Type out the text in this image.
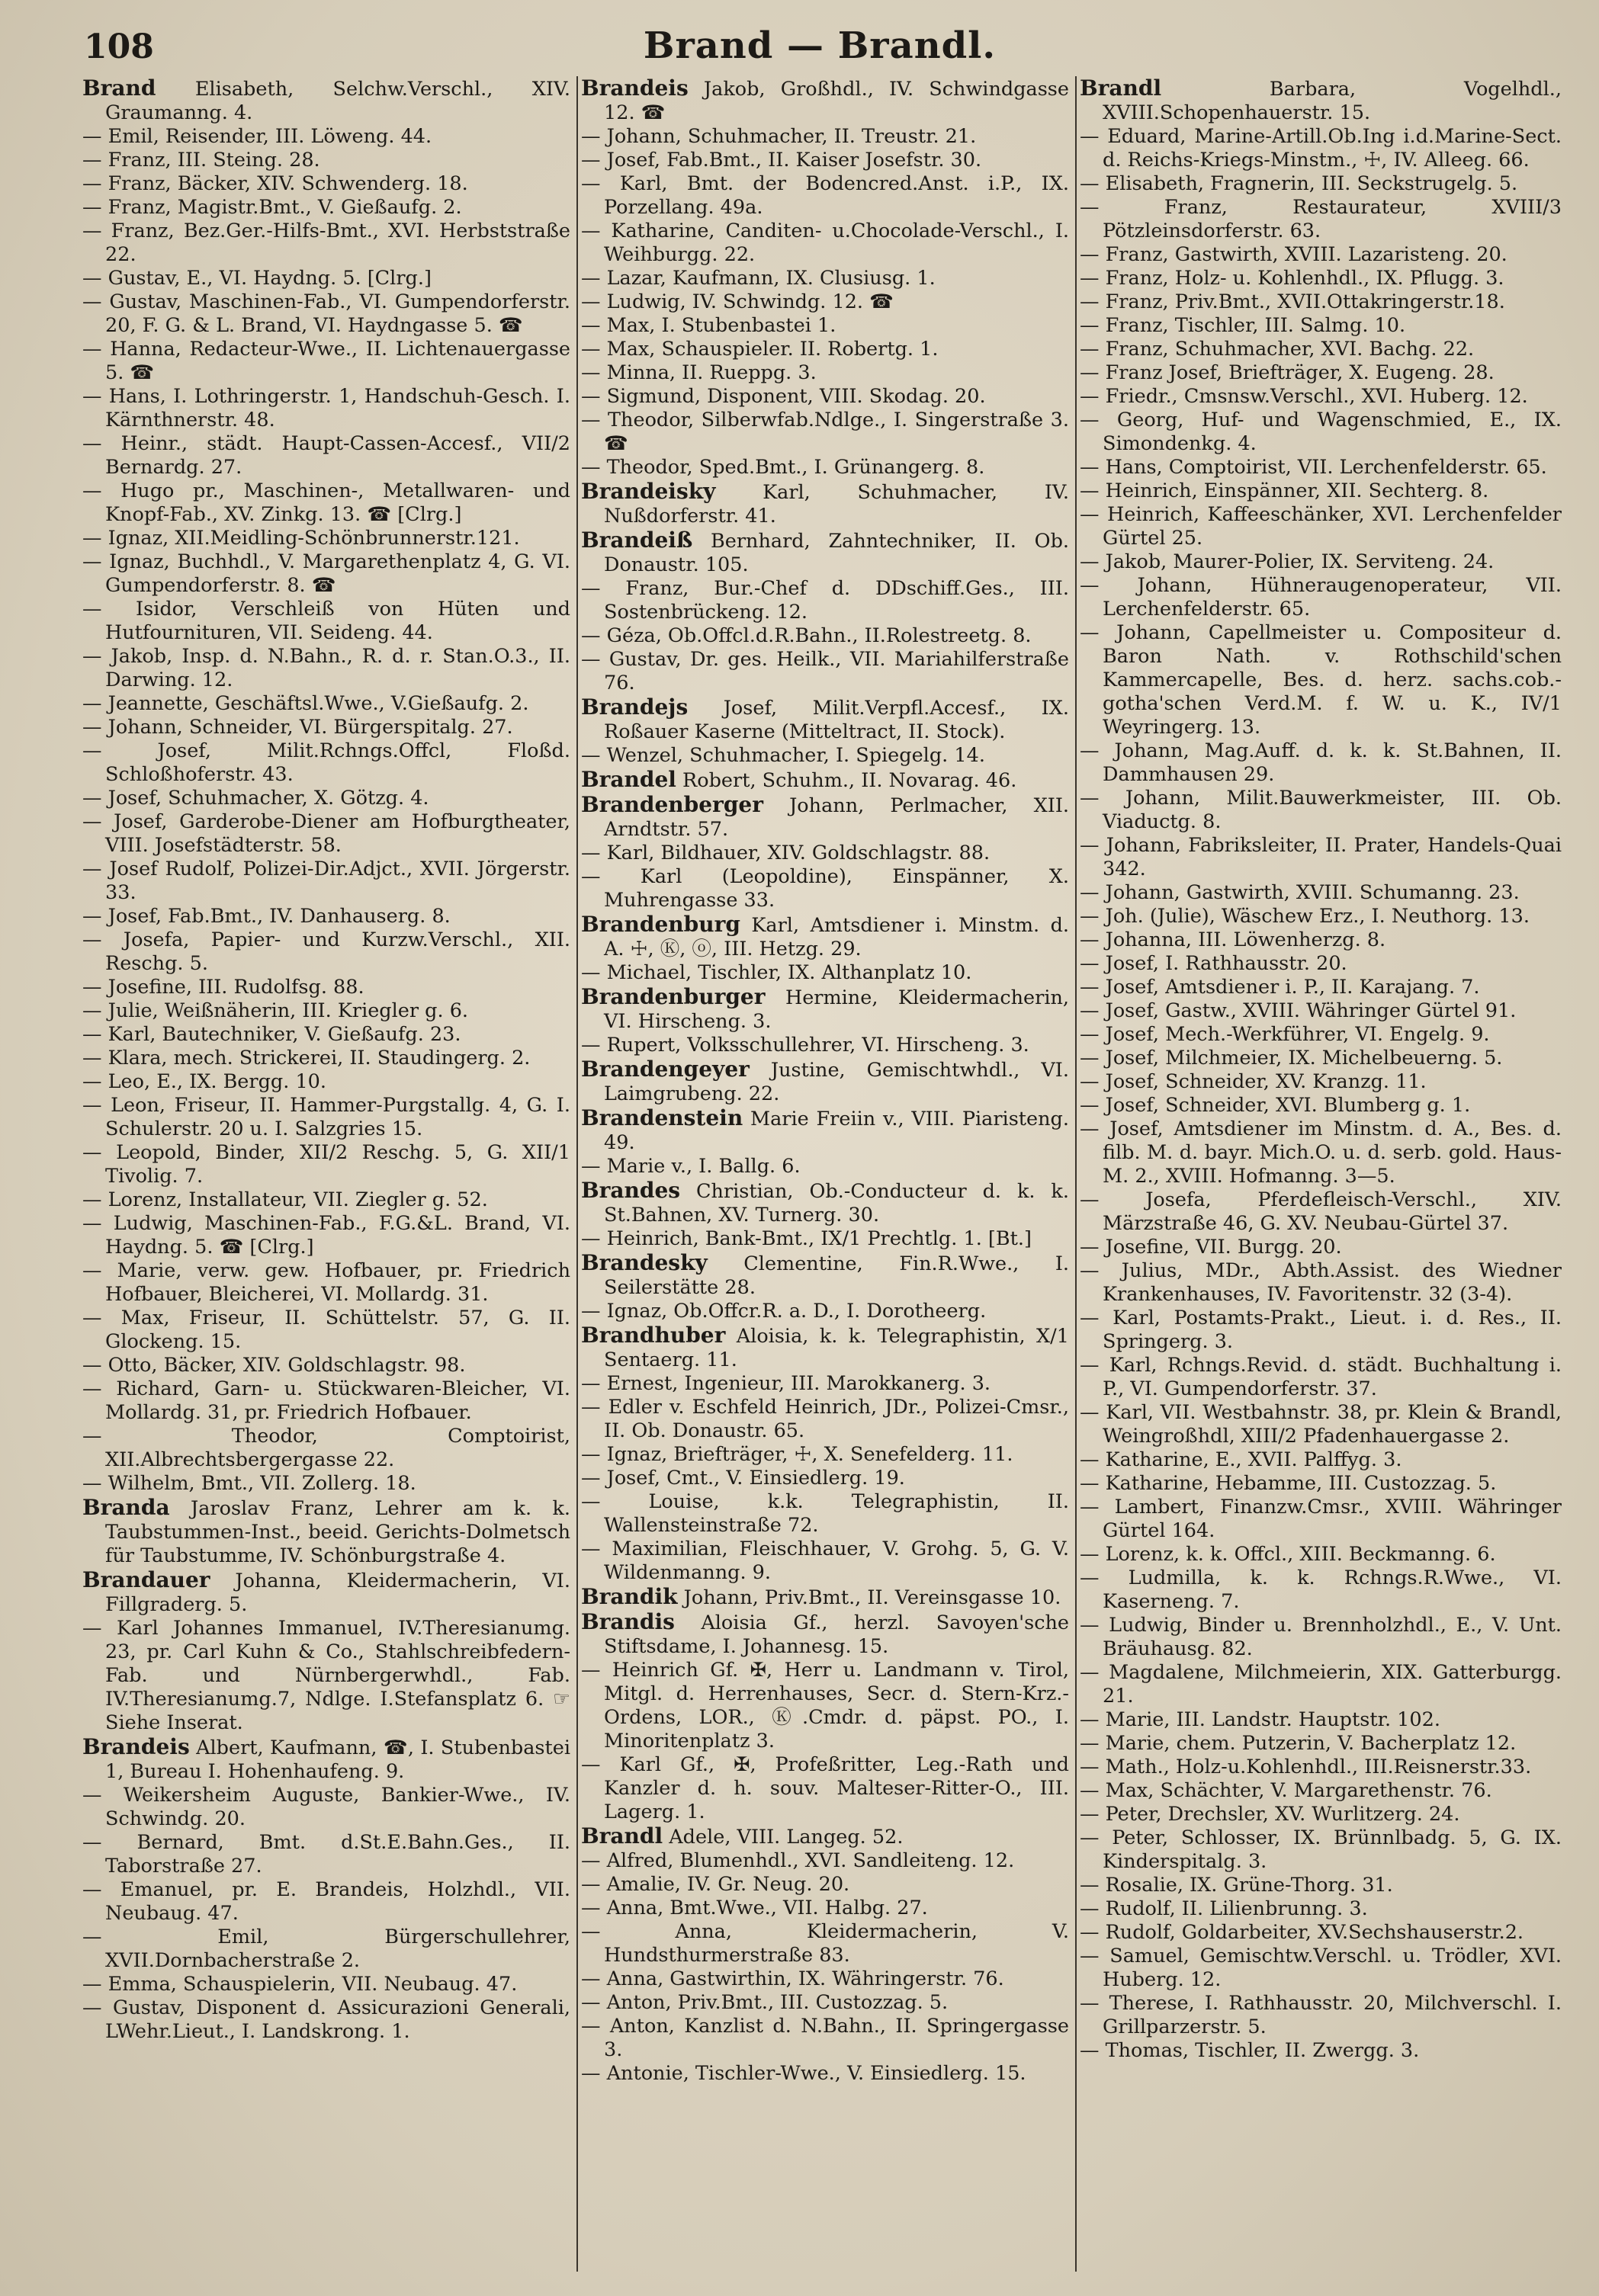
108	Brand — Brandl.

Brand Elisabeth, Selchw.Verschl., XIV. Graumanng. 4.

— Emil, Reisender, III. Löweng. 44.

— Franz, III. Steing. 28.

— Franz, Bäcker, XIV. Schwenderg. 18.

— Franz, Magistr.Bmt., V. Gießaufg. 2.

— Franz, Bez.Ger.-Hilfs-Bmt., XVI. Herbststraße 22.

— Gustav, E., VI. Haydng. 5. [Clrg.]

— Gustav, Maschinen-Fab., VI. Gumpendorferstr. 20, F. G. & L. Brand, VI. Haydngasse 5. ☎

— Hanna, Redacteur-Wwe., II. Lichtenauergasse 5. ☎

— Hans, I. Lothringerstr. 1, Handschuh-Gesch. I. Kärnthnerstr. 48.

— Heinr., städt. Haupt-Cassen-Accesf., VII/2 Bernardg. 27.

— Hugo pr., Maschinen-, Metallwaren- und Knopf-Fab., XV. Zinkg. 13. ☎ [Clrg.]

— Ignaz, XII.Meidling-Schönbrunnerstr.121.

— Ignaz, Buchhdl., V. Margarethenplatz 4, G. VI. Gumpendorferstr. 8. ☎

— Isidor, Verschleiß von Hüten und Hutfournituren, VII. Seideng. 44.

— Jakob, Insp. d. N.Bahn., R. d. r. Stan.O.3., II. Darwing. 12.

— Jeannette, Geschäftsl.Wwe., V.Gießaufg. 2.

— Johann, Schneider, VI. Bürgerspitalg. 27.

— Josef, Milit.Rchngs.Offcl, Floßd. Schloßhoferstr. 43.

— Josef, Schuhmacher, X. Götzg. 4.

— Josef, Garderobe-Diener am Hofburgtheater, VIII. Josefstädterstr. 58.

— Josef Rudolf, Polizei-Dir.Adjct., XVII. Jörgerstr. 33.

— Josef, Fab.Bmt., IV. Danhauserg. 8.

— Josefa, Papier- und Kurzw.Verschl., XII. Reschg. 5.

— Josefine, III. Rudolfsg. 88.

— Julie, Weißnäherin, III. Kriegler g. 6.

— Karl, Bautechniker, V. Gießaufg. 23.

— Klara, mech. Strickerei, II. Staudingerg. 2.

— Leo, E., IX. Bergg. 10.

— Leon, Friseur, II. Hammer-Purgstallg. 4, G. I. Schulerstr. 20 u. I. Salzgries 15.

— Leopold, Binder, XII/2 Reschg. 5, G. XII/1 Tivolig. 7.

— Lorenz, Installateur, VII. Ziegler g. 52.

— Ludwig, Maschinen-Fab., F.G.&L. Brand, VI. Haydng. 5. ☎ [Clrg.]

— Marie, verw. gew. Hofbauer, pr. Friedrich Hofbauer, Bleicherei, VI. Mollardg. 31.

— Max, Friseur, II. Schüttelstr. 57, G. II. Glockeng. 15.

— Otto, Bäcker, XIV. Goldschlagstr. 98.

— Richard, Garn- u. Stückwaren-Bleicher, VI. Mollardg. 31, pr. Friedrich Hofbauer.

— Theodor, Comptoirist, XII.Albrechtsbergergasse 22.

— Wilhelm, Bmt., VII. Zollerg. 18.

Branda Jaroslav Franz, Lehrer am k. k. Taubstummen-Inst., beeid. Gerichts-Dolmetsch für Taubstumme, IV. Schönburgstraße 4.

Brandauer Johanna, Kleidermacherin, VI. Fillgraderg. 5.

— Karl Johannes Immanuel, IV.Theresianumg. 23, pr. Carl Kuhn & Co., Stahlschreibfedern-Fab. und Nürnbergerwhdl., Fab. IV.Theresianumg.7, Ndlge. I.Stefansplatz 6. ☞ Siehe Inserat.

Brandeis Albert, Kaufmann, ☎, I. Stubenbastei 1, Bureau I. Hohenhaufeng. 9.

— Weikersheim Auguste, Bankier-Wwe., IV. Schwindg. 20.

— Bernard, Bmt. d.St.E.Bahn.Ges., II. Taborstraße 27.

— Emanuel, pr. E. Brandeis, Holzhdl., VII. Neubaug. 47.

— Emil, Bürgerschullehrer, XVII.Dornbacherstraße 2.

— Emma, Schauspielerin, VII. Neubaug. 47.

— Gustav, Disponent d. Assicurazioni Generali, LWehr.Lieut., I. Landskrong. 1.

Brandeis Jakob, Großhdl., IV. Schwindgasse 12. ☎

— Johann, Schuhmacher, II. Treustr. 21.

— Josef, Fab.Bmt., II. Kaiser Josefstr. 30.

— Karl, Bmt. der Bodencred.Anst. i.P., IX. Porzellang. 49a.

— Katharine, Canditen- u.Chocolade-Verschl., I. Weihburgg. 22.

— Lazar, Kaufmann, IX. Clusiusg. 1.

— Ludwig, IV. Schwindg. 12. ☎

— Max, I. Stubenbastei 1.

— Max, Schauspieler. II. Robertg. 1.

— Minna, II. Rueppg. 3.

— Sigmund, Disponent, VIII. Skodag. 20.

— Theodor, Silberwfab.Ndlge., I. Singerstraße 3. ☎

— Theodor, Sped.Bmt., I. Grünangerg. 8.

Brandeisky Karl, Schuhmacher, IV. Nußdorferstr. 41.

Brandeiß Bernhard, Zahntechniker, II. Ob. Donaustr. 105.

— Franz, Bur.-Chef d. DDschiff.Ges., III. Sostenbrückeng. 12.

— Géza, Ob.Offcl.d.R.Bahn., II.Rolestreetg. 8.

— Gustav, Dr. ges. Heilk., VII. Mariahilferstraße 76.

Brandejs Josef, Milit.Verpfl.Accesf., IX. Roßauer Kaserne (Mitteltract, II. Stock).

— Wenzel, Schuhmacher, I. Spiegelg. 14.

Brandel Robert, Schuhm., II. Novarag. 46.

Brandenberger Johann, Perlmacher, XII. Arndtstr. 57.

— Karl, Bildhauer, XIV. Goldschlagstr. 88.

— Karl (Leopoldine), Einspänner, X. Muhrengasse 33.

Brandenburg Karl, Amtsdiener i. Minstm. d. A. ☩, Ⓚ, ⓞ, III. Hetzg. 29.

— Michael, Tischler, IX. Althanplatz 10.

Brandenburger Hermine, Kleidermacherin, VI. Hirscheng. 3.

— Rupert, Volksschullehrer, VI. Hirscheng. 3.

Brandengeyer Justine, Gemischtwhdl., VI. Laimgrubeng. 22.

Brandenstein Marie Freiin v., VIII. Piaristeng. 49.

— Marie v., I. Ballg. 6.

Brandes Christian, Ob.-Conducteur d. k. k. St.Bahnen, XV. Turnerg. 30.

— Heinrich, Bank-Bmt., IX/1 Prechtlg. 1. [Bt.]

Brandesky Clementine, Fin.R.Wwe., I. Seilerstätte 28.

— Ignaz, Ob.Offcr.R. a. D., I. Dorotheerg.

Brandhuber Aloisia, k. k. Telegraphistin, X/1 Sentaerg. 11.

— Ernest, Ingenieur, III. Marokkanerg. 3.

— Edler v. Eschfeld Heinrich, JDr., Polizei-Cmsr., II. Ob. Donaustr. 65.

— Ignaz, Briefträger, ☩, X. Senefelderg. 11.

— Josef, Cmt., V. Einsiedlerg. 19.

— Louise, k.k. Telegraphistin, II. Wallensteinstraße 72.

— Maximilian, Fleischhauer, V. Grohg. 5, G. V. Wildenmanng. 9.

Brandik Johann, Priv.Bmt., II. Vereinsgasse 10.

Brandis Aloisia Gf., herzl. Savoyen'sche Stiftsdame, I. Johannesg. 15.

— Heinrich Gf. ✠, Herr u. Landmann v. Tirol, Mitgl. d. Herrenhauses, Secr. d. Stern-Krz.-Ordens, LOR., Ⓚ.Cmdr. d. päpst. PO., I. Minoritenplatz 3.

— Karl Gf., ✠, Profeßritter, Leg.-Rath und Kanzler d. h. souv. Malteser-Ritter-O., III. Lagerg. 1.

Brandl Adele, VIII. Langeg. 52.

— Alfred, Blumenhdl., XVI. Sandleiteng. 12.

— Amalie, IV. Gr. Neug. 20.

— Anna, Bmt.Wwe., VII. Halbg. 27.

— Anna, Kleidermacherin, V. Hundsthurmerstraße 83.

— Anna, Gastwirthin, IX. Währingerstr. 76.

— Anton, Priv.Bmt., III. Custozzag. 5.

— Anton, Kanzlist d. N.Bahn., II. Springergasse 3.

— Antonie, Tischler-Wwe., V. Einsiedlerg. 15.

Brandl Barbara, Vogelhdl., XVIII.Schopenhauerstr. 15.

— Eduard, Marine-Artill.Ob.Ing i.d.Marine-Sect. d. Reichs-Kriegs-Minstm., ☩, IV. Alleeg. 66.

— Elisabeth, Fragnerin, III. Seckstrugelg. 5.

— Franz, Restaurateur, XVIII/3 Pötzleinsdorferstr. 63.

— Franz, Gastwirth, XVIII. Lazaristeng. 20.

— Franz, Holz- u. Kohlenhdl., IX. Pflugg. 3.

— Franz, Priv.Bmt., XVII.Ottakringerstr.18.

— Franz, Tischler, III. Salmg. 10.

— Franz, Schuhmacher, XVI. Bachg. 22.

— Franz Josef, Briefträger, X. Eugeng. 28.

— Friedr., Cmsnsw.Verschl., XVI. Huberg. 12.

— Georg, Huf- und Wagenschmied, E., IX. Simondenkg. 4.

— Hans, Comptoirist, VII. Lerchenfelderstr. 65.

— Heinrich, Einspänner, XII. Sechterg. 8.

— Heinrich, Kaffeeschänker, XVI. Lerchenfelder Gürtel 25.

— Jakob, Maurer-Polier, IX. Serviteng. 24.

— Johann, Hühneraugenoperateur, VII. Lerchenfelderstr. 65.

— Johann, Capellmeister u. Compositeur d. Baron Nath. v. Rothschild'schen Kammercapelle, Bes. d. herz. sachs.cob.-gotha'schen Verd.M. f. W. u. K., IV/1 Weyringerg. 13.

— Johann, Mag.Auff. d. k. k. St.Bahnen, II. Dammhausen 29.

— Johann, Milit.Bauwerkmeister, III. Ob. Viaductg. 8.

— Johann, Fabriksleiter, II. Prater, Handels-Quai 342.

— Johann, Gastwirth, XVIII. Schumanng. 23.

— Joh. (Julie), Wäschew Erz., I. Neuthorg. 13.

— Johanna, III. Löwenherzg. 8.

— Josef, I. Rathhausstr. 20.

— Josef, Amtsdiener i. P., II. Karajang. 7.

— Josef, Gastw., XVIII. Währinger Gürtel 91.

— Josef, Mech.-Werkführer, VI. Engelg. 9.

— Josef, Milchmeier, IX. Michelbeuerng. 5.

— Josef, Schneider, XV. Kranzg. 11.

— Josef, Schneider, XVI. Blumberg g. 1.

— Josef, Amtsdiener im Minstm. d. A., Bes. d. filb. M. d. bayr. Mich.O. u. d. serb. gold. Haus-M. 2., XVIII. Hofmanng. 3—5.

— Josefa, Pferdefleisch-Verschl., XIV. Märzstraße 46, G. XV. Neubau-Gürtel 37.

— Josefine, VII. Burgg. 20.

— Julius, MDr., Abth.Assist. des Wiedner Krankenhauses, IV. Favoritenstr. 32 (3-4).

— Karl, Postamts-Prakt., Lieut. i. d. Res., II. Springerg. 3.

— Karl, Rchngs.Revid. d. städt. Buchhaltung i. P., VI. Gumpendorferstr. 37.

— Karl, VII. Westbahnstr. 38, pr. Klein & Brandl, Weingroßhdl, XIII/2 Pfadenhauergasse 2.

— Katharine, E., XVII. Palffyg. 3.

— Katharine, Hebamme, III. Custozzag. 5.

— Lambert, Finanzw.Cmsr., XVIII. Währinger Gürtel 164.

— Lorenz, k. k. Offcl., XIII. Beckmanng. 6.

— Ludmilla, k. k. Rchngs.R.Wwe., VI. Kaserneng. 7.

— Ludwig, Binder u. Brennholzhdl., E., V. Unt. Bräuhausg. 82.

— Magdalene, Milchmeierin, XIX. Gatterburgg. 21.

— Marie, III. Landstr. Hauptstr. 102.

— Marie, chem. Putzerin, V. Bacherplatz 12.

— Math., Holz-u.Kohlenhdl., III.Reisnerstr.33.

— Max, Schächter, V. Margarethenstr. 76.

— Peter, Drechsler, XV. Wurlitzerg. 24.

— Peter, Schlosser, IX. Brünnlbadg. 5, G. IX. Kinderspitalg. 3.

— Rosalie, IX. Grüne-Thorg. 31.

— Rudolf, II. Lilienbrunng. 3.

— Rudolf, Goldarbeiter, XV.Sechshauserstr.2.

— Samuel, Gemischtw.Verschl. u. Trödler, XVI. Huberg. 12.

— Therese, I. Rathhausstr. 20, Milchverschl. I. Grillparzerstr. 5.

— Thomas, Tischler, II. Zwergg. 3.
